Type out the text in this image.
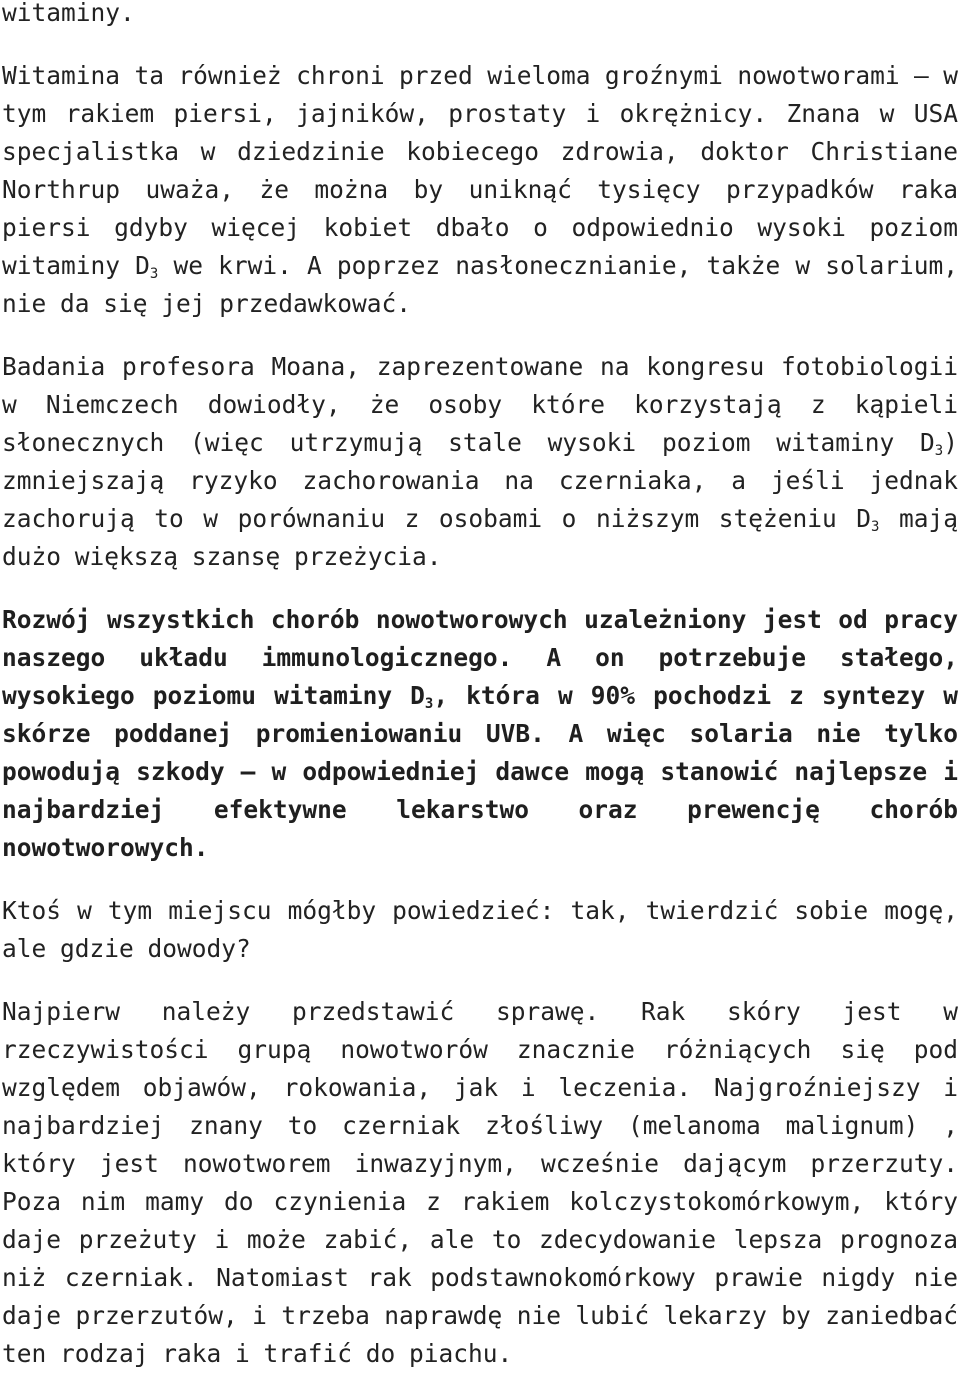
witaminy.

Witamina ta również chroni przed wieloma groźnymi nowotworami – w tym rakiem piersi, jajników, prostaty i okrężnicy. Znana w USA specjalistka w dziedzinie kobiecego zdrowia, doktor Christiane Northrup uważa, że można by uniknąć tysięcy przypadków raka piersi gdyby więcej kobiet dbało o odpowiednio wysoki poziom witaminy $D_3$ we krwi. A poprzez nasłonecznianie, także w solarium, nie da się jej przedawkować.

Badania profesora Moana, zaprezentowane na kongresu fotobiologii w Niemczech dowiodły, że osoby które korzystają z kąpieli słonecznych (więc utrzymują stale wysoki poziom witaminy $D_3$) zmniejszają ryzyko zachorowania na czerniaka, a jeśli jednak zachorują to w porównaniu z osobami o niższym stężeniu $D_3$ mają dużo większą szansę przeżycia.

Rozwój wszystkich chorób nowotworowych uzależniony jest od pracy naszego układu immunologicznego. A on potrzebuje stałego, wysokiego poziomu witaminy $D_3$, która w 90% pochodzi z syntezy w skórze poddanej promieniowaniu UVB. A więc solaria nie tylko powodują szkody – w odpowiedniej dawce mogą stanowić najlepsze i najbardziej efektywne lekarstwo oraz prewencję chorób nowotworowych.

Ktoś w tym miejscu mógłby powiedzieć: tak, twierdzić sobie mogę, ale gdzie dowody?

Najpierw należy przedstawić sprawę. Rak skóry jest w rzeczywistości grupą nowotworów znacznie różniących się pod względem objawów, rokowania, jak i leczenia. Najgroźniejszy i najbardziej znany to czerniak złośliwy (melanoma malignum) , który jest nowotworem inwazyjnym, wcześnie dającym przerzuty. Poza nim mamy do czynienia z rakiem kolczystokomórkowym, który daje przeżuty i może zabić, ale to zdecydowanie lepsza prognoza niż czerniak. Natomiast rak podstawnokomórkowy prawie nigdy nie daje przerzutów, i trzeba naprawdę nie lubić lekarzy by zaniedbać ten rodzaj raka i trafić do piachu.
